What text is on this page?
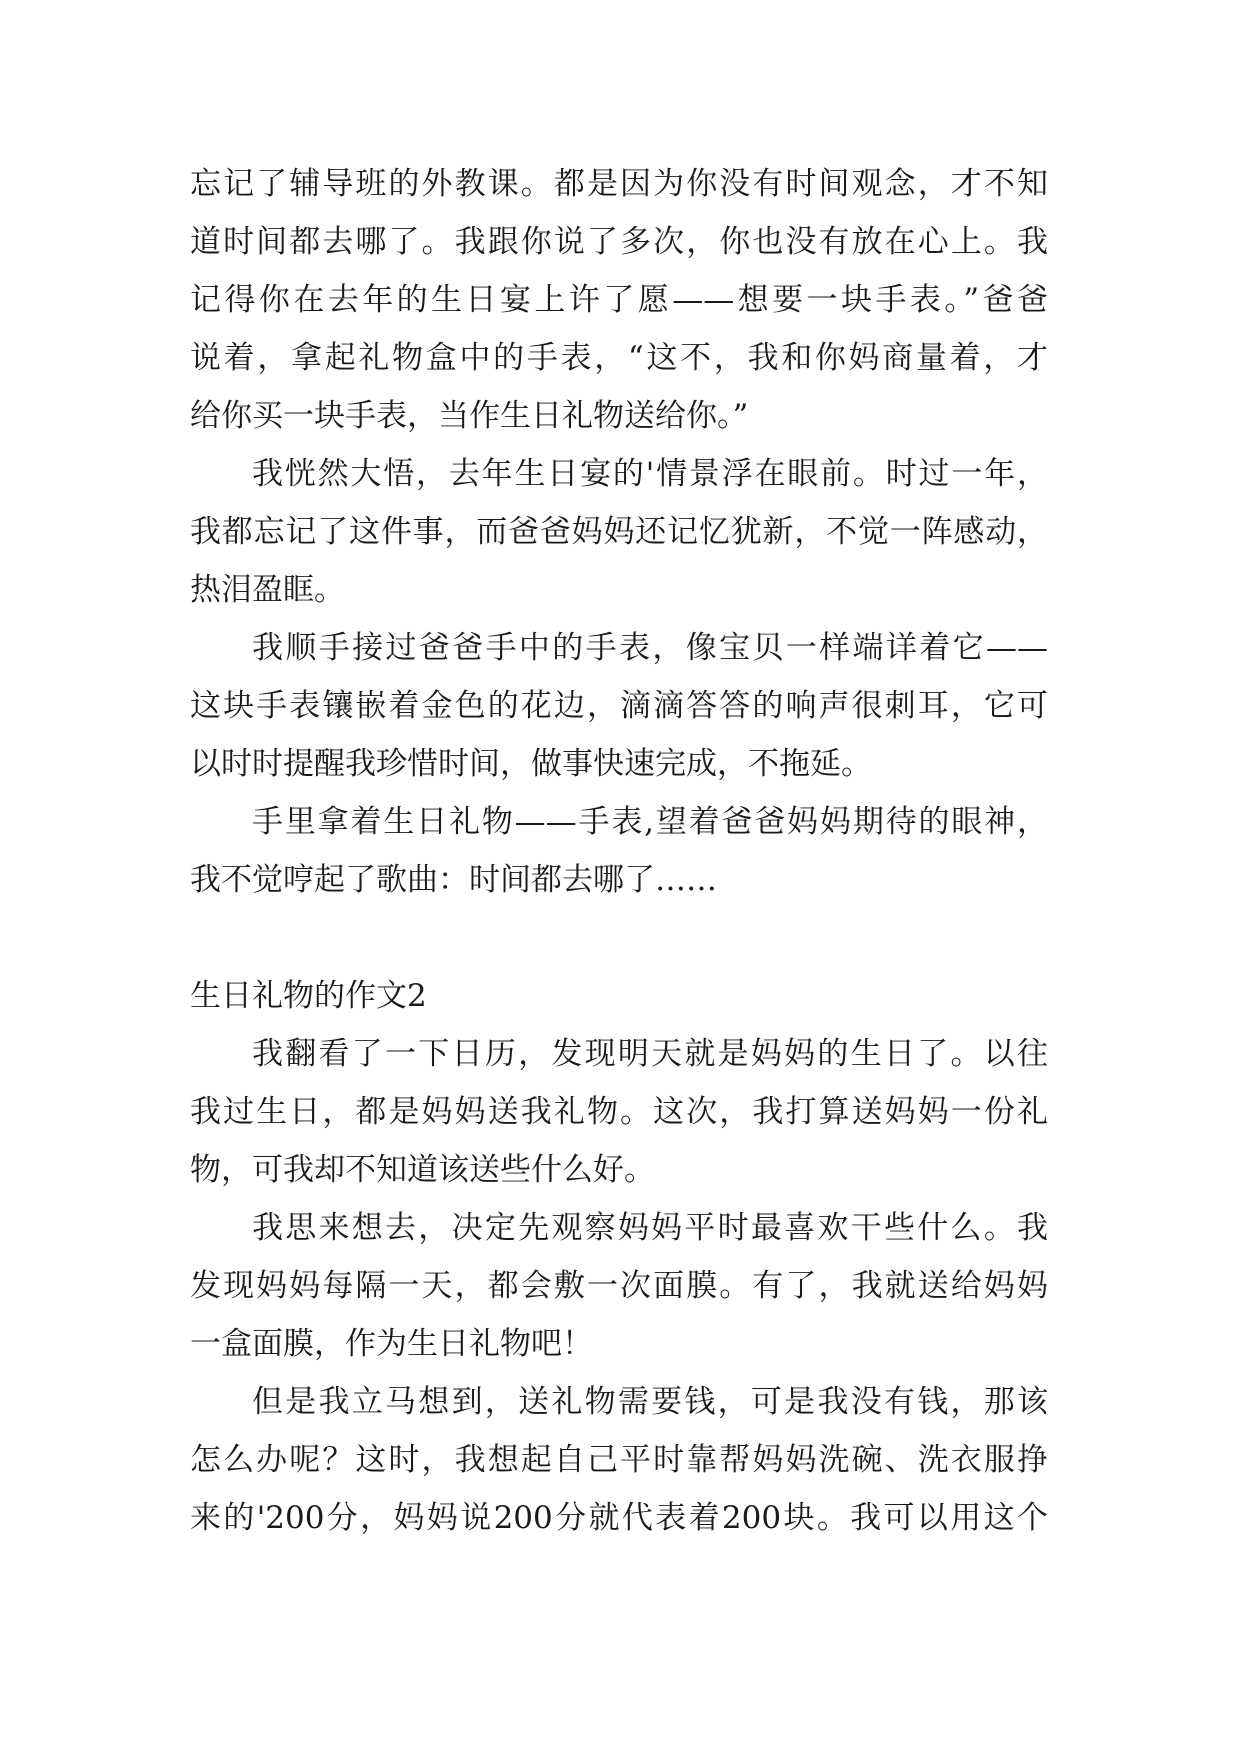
忘记了辅导班的外教课。都是因为你没有时间观念，才不知
道时间都去哪了。我跟你说了多次，你也没有放在心上。我
记得你在去年的生日宴上许了愿——想要一块手表。”爸爸
说着，拿起礼物盒中的手表，“这不，我和你妈商量着，才
给你买一块手表，当作生日礼物送给你。”
我恍然大悟，去年生日宴的'情景浮在眼前。时过一年，
我都忘记了这件事，而爸爸妈妈还记忆犹新，不觉一阵感动，
热泪盈眶。
我顺手接过爸爸手中的手表，像宝贝一样端详着它——
这块手表镶嵌着金色的花边，滴滴答答的响声很刺耳，它可
以时时提醒我珍惜时间，做事快速完成，不拖延。
手里拿着生日礼物——手表,望着爸爸妈妈期待的眼神，
我不觉哼起了歌曲：时间都去哪了……
生日礼物的作文2
我翻看了一下日历，发现明天就是妈妈的生日了。以往
我过生日，都是妈妈送我礼物。这次，我打算送妈妈一份礼
物，可我却不知道该送些什么好。
我思来想去，决定先观察妈妈平时最喜欢干些什么。我
发现妈妈每隔一天，都会敷一次面膜。有了，我就送给妈妈
一盒面膜，作为生日礼物吧！
但是我立马想到，送礼物需要钱，可是我没有钱，那该
怎么办呢？这时，我想起自己平时靠帮妈妈洗碗、洗衣服挣
来的'200分，妈妈说200分就代表着200块。我可以用这个
